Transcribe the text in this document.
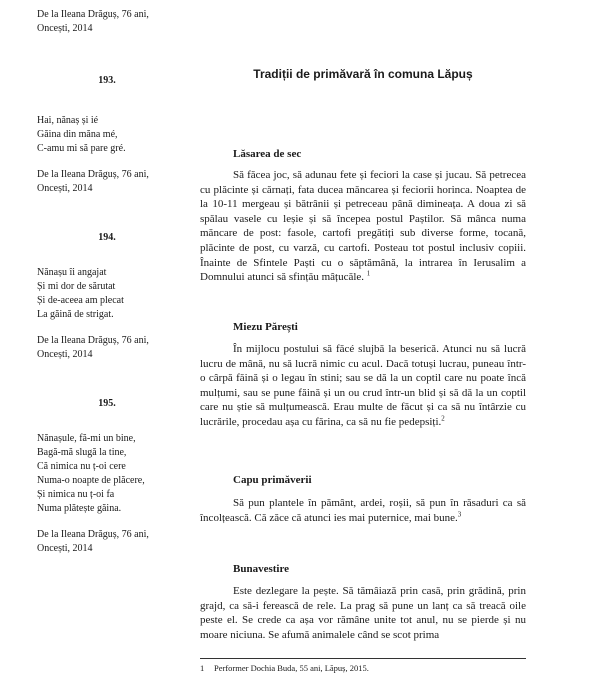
De la Ileana Drăguș, 76 ani,
Oncești, 2014
193.
Hai, nănaș și ié
Găina din măna mé,
C-amu mi să pare gré.
De la Ileana Drăguș, 76 ani,
Oncești, 2014
194.
Nănașu îi angajat
Și mi dor de sărutat
Și de-aceea am plecat
La găină de strigat.
De la Ileana Drăguș, 76 ani,
Oncești, 2014
195.
Nănașule, fă-mi un bine,
Bagă-mă slugă la tine,
Că nimica nu ț-oi cere
Numa-o noapte de plăcere,
Și nimica nu ț-oi fa
Numa plătește găina.
De la Ileana Drăguș, 76 ani,
Oncești, 2014
Tradiții de primăvară în comuna Lăpuș
Lăsarea de sec

Să făcea joc, să adunau fete și feciori la case și jucau. Să petrecea cu plăcinte și cărnați, fata ducea măncarea și feciorii horinca. Noaptea de la 10-11 mergeau și bătrânii și petreceau până dimineața. A doua zi să spălau vasele cu leșie și să începea postul Paștilor. Să mânca numa măncare de post: fasole, cartofi pregătiți sub diverse forme, tocană, plăcinte de post, cu varză, cu cartofi. Posteau tot postul inclusiv copiii. Înainte de Sfintele Paști cu o săptămână, la intrarea în Ierusalim a Domnului atunci să sfințău mâțucăle. $^1$

Miezu Părești

În mijlocu postului să făcé slujbă la beserică. Atunci nu să lucră lucru de mână, nu să lucră nimic cu acul. Dacă totuși lucrau, puneau într-o cârpă făină și o legau în stini; sau se dă la un coptil care nu poate încă mulțumi, sau se pune făină și un ou crud într-un blid și să dă la un coptil care nu știe să mulțumească. Erau multe de făcut și ca să nu întârzie cu lucrările, procedau așa cu fărina, ca să nu fie pedepsiți.$^2$

Capu primăverii

Să pun plantele în pământ, ardei, roșii, să pun în răsaduri ca să încolțească. Că zăce că atunci ies mai puternice, mai bune.$^3$

Bunavestire

Este dezlegare la pește. Să tămâiază prin casă, prin grădină, prin grajd, ca să-i ferească de rele. La prag să pune un lanț ca să treacă oile peste el. Se crede ca așa vor rămâne unite tot anul, nu se pierde și nu moare niciuna. Se afumă animalele când se scot prima

1 Performer Dochia Buda, 55 ani, Lăpuș, 2015.
